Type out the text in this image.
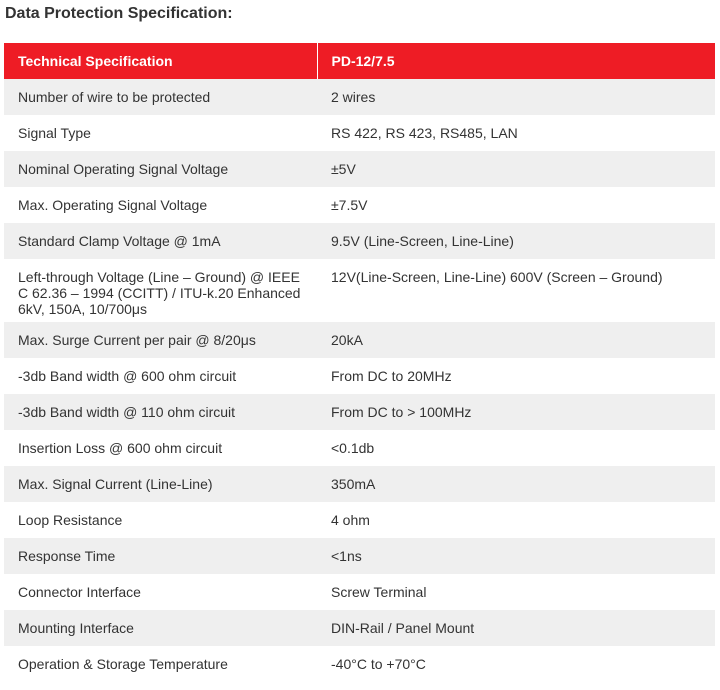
Data Protection Specification:
Technical Specification	PD-12/7.5
Number of wire to be protected	2 wires
Signal Type	RS 422, RS 423, RS485, LAN
Nominal Operating Signal Voltage	±5V
Max. Operating Signal Voltage	±7.5V
Standard Clamp Voltage @ 1mA	9.5V (Line-Screen, Line-Line)
Left-through Voltage (Line – Ground) @ IEEE C 62.36 – 1994 (CCITT) / ITU-k.20 Enhanced 6kV, 150A, 10/700μs	12V(Line-Screen, Line-Line) 600V (Screen – Ground)
Max. Surge Current per pair @ 8/20μs	20kA
-3db Band width @ 600 ohm circuit	From DC to 20MHz
-3db Band width @ 110 ohm circuit	From DC to > 100MHz
Insertion Loss @ 600 ohm circuit	<0.1db
Max. Signal Current (Line-Line)	350mA
Loop Resistance	4 ohm
Response Time	<1ns
Connector Interface	Screw Terminal
Mounting Interface	DIN-Rail / Panel Mount
Operation & Storage Temperature	-40°C to +70°C
